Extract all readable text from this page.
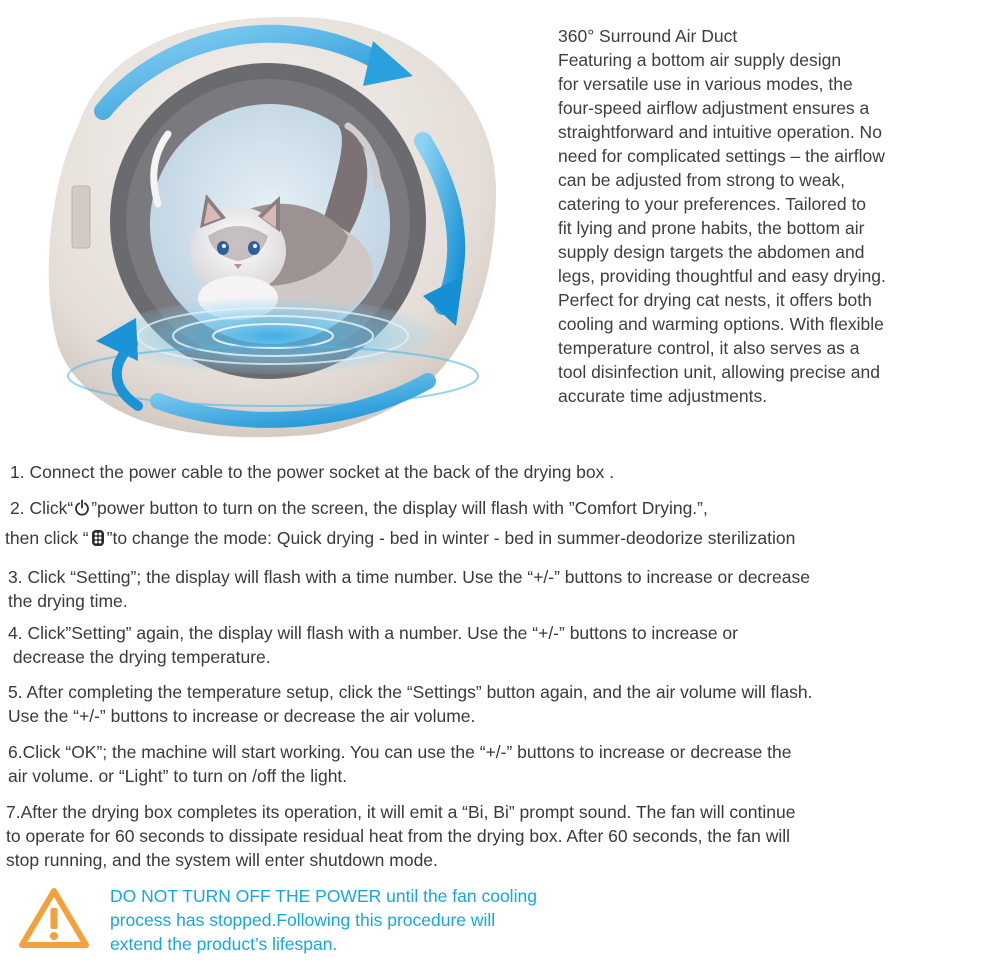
360° Surround Air Duct
Featuring a bottom air supply design
for versatile use in various modes, the
four-speed airflow adjustment ensures a
straightforward and intuitive operation. No
need for complicated settings – the airflow
can be adjusted from strong to weak,
catering to your preferences. Tailored to
fit lying and prone habits, the bottom air
supply design targets the abdomen and
legs, providing thoughtful and easy drying.
Perfect for drying cat nests, it offers both
cooling and warming options. With flexible
temperature control, it also serves as a
tool disinfection unit, allowing precise and
accurate time adjustments.
1. Connect the power cable to the power socket at the back of the drying box .
2. Click“ ”power button to turn on the screen, the display will flash with ”Comfort Drying.”,
then click “ ”to change the mode: Quick drying - bed in winter - bed in summer-deodorize sterilization
3. Click “Setting”; the display will flash with a time number. Use the “+/-” buttons to increase or decrease
the drying time.
4. Click”Setting” again, the display will flash with a number. Use the “+/-” buttons to increase or
decrease the drying temperature.
5. After completing the temperature setup, click the “Settings” button again, and the air volume will flash.
Use the “+/-” buttons to increase or decrease the air volume.
6.Click “OK”; the machine will start working. You can use the “+/-” buttons to increase or decrease the
air volume. or “Light” to turn on /off the light.
7.After the drying box completes its operation, it will emit a “Bi, Bi” prompt sound. The fan will continue
to operate for 60 seconds to dissipate residual heat from the drying box. After 60 seconds, the fan will
stop running, and the system will enter shutdown mode.
DO NOT TURN OFF THE POWER until the fan cooling
process has stopped.Following this procedure will
extend the product’s lifespan.
